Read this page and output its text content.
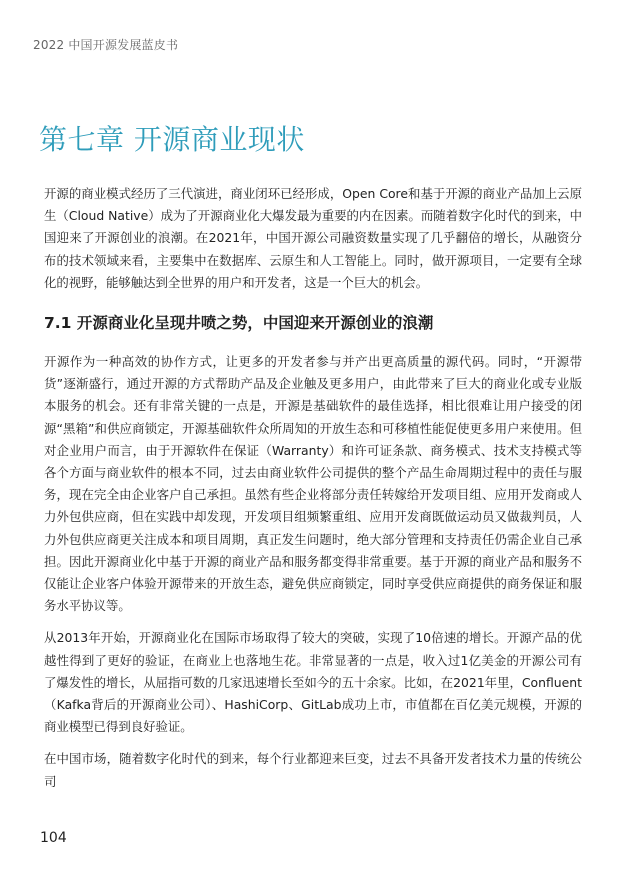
2022 中国开源发展蓝皮书
第七章 开源商业现状

开源的商业模式经历了三代演进，商业闭环已经形成，Open Core和基于开源的商业产品加上云原生（Cloud Native）成为了开源商业化大爆发最为重要的内在因素。而随着数字化时代的到来，中国迎来了开源创业的浪潮。在2021年，中国开源公司融资数量实现了几乎翻倍的增长，从融资分布的技术领域来看，主要集中在数据库、云原生和人工智能上。同时，做开源项目，一定要有全球化的视野，能够触达到全世界的用户和开发者，这是一个巨大的机会。

7.1 开源商业化呈现井喷之势，中国迎来开源创业的浪潮

开源作为一种高效的协作方式，让更多的开发者参与并产出更高质量的源代码。同时，“开源带货”逐渐盛行，通过开源的方式帮助产品及企业触及更多用户，由此带来了巨大的商业化或专业版本服务的机会。还有非常关键的一点是，开源是基础软件的最佳选择，相比很难让用户接受的闭源“黑箱”和供应商锁定，开源基础软件众所周知的开放生态和可移植性能促使更多用户来使用。但对企业用户而言，由于开源软件在保证（Warranty）和许可证条款、商务模式、技术支持模式等各个方面与商业软件的根本不同，过去由商业软件公司提供的整个产品生命周期过程中的责任与服务，现在完全由企业客户自己承担。虽然有些企业将部分责任转嫁给开发项目组、应用开发商或人力外包供应商，但在实践中却发现，开发项目组频繁重组、应用开发商既做运动员又做裁判员，人力外包供应商更关注成本和项目周期，真正发生问题时，绝大部分管理和支持责任仍需企业自己承担。因此开源商业化中基于开源的商业产品和服务都变得非常重要。基于开源的商业产品和服务不仅能让企业客户体验开源带来的开放生态，避免供应商锁定，同时享受供应商提供的商务保证和服务水平协议等。

从2013年开始，开源商业化在国际市场取得了较大的突破，实现了10倍速的增长。开源产品的优越性得到了更好的验证，在商业上也落地生花。非常显著的一点是，收入过1亿美金的开源公司有了爆发性的增长，从屈指可数的几家迅速增长至如今的五十余家。比如，在2021年里，Confluent（Kafka背后的开源商业公司）、HashiCorp、GitLab成功上市，市值都在百亿美元规模，开源的商业模型已得到良好验证。

在中国市场，随着数字化时代的到来，每个行业都迎来巨变，过去不具备开发者技术力量的传统公司

104
